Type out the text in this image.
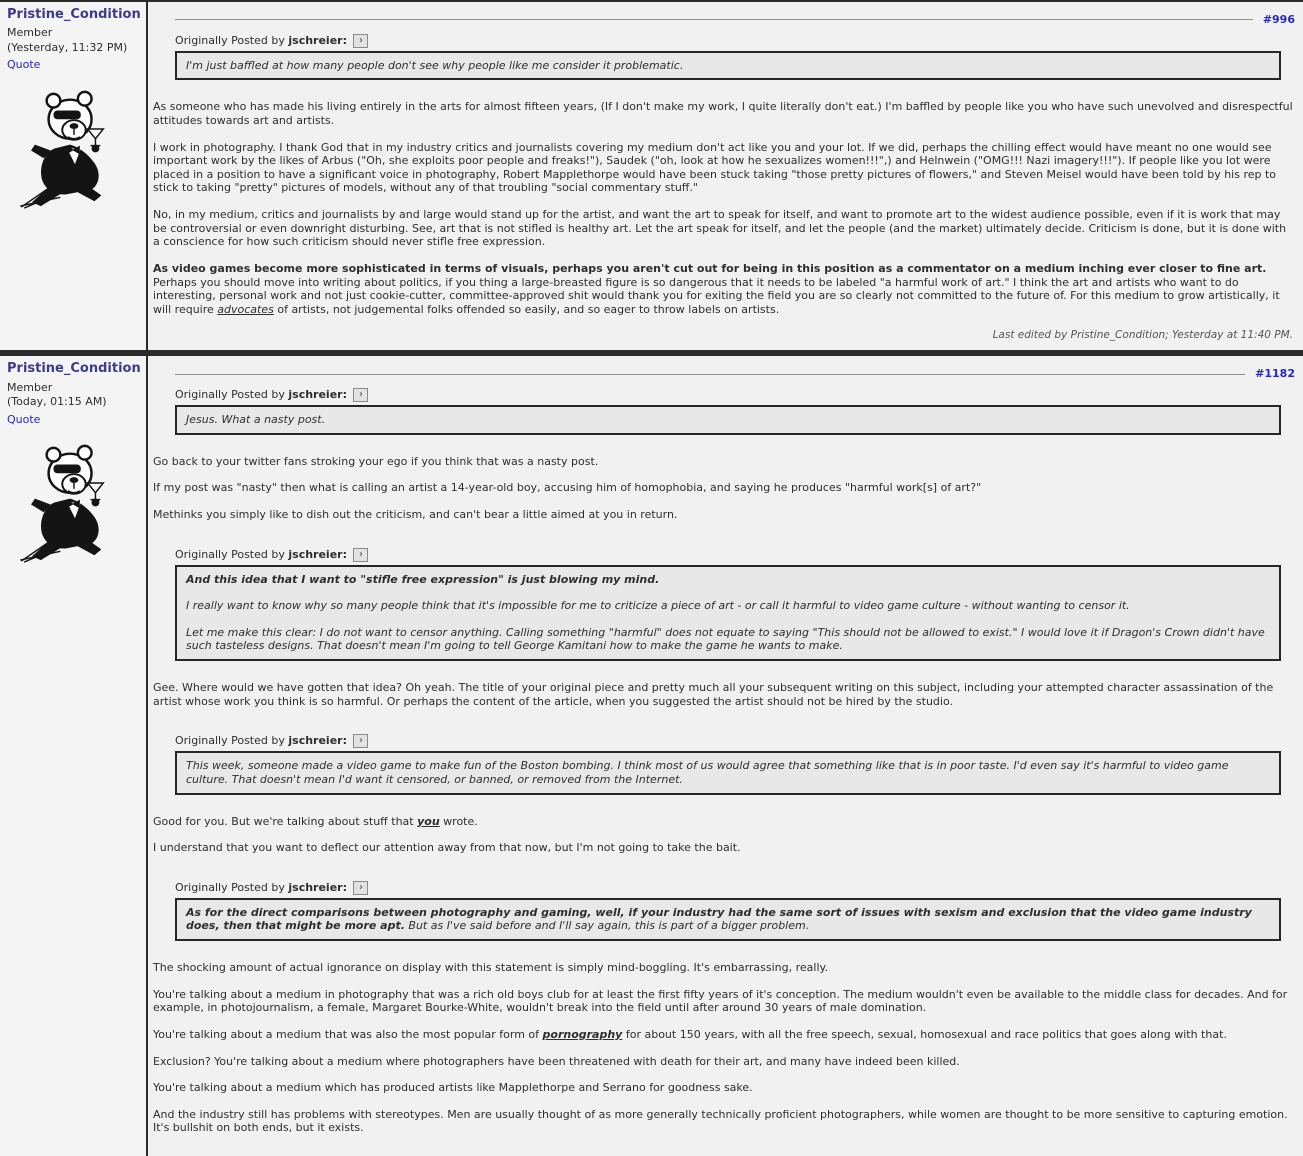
Pristine_Condition
Member
(Yesterday, 11:32 PM)
Quote
#996
Originally Posted by jschreier: ›

I'm just baffled at how many people don't see why people like me consider it problematic.

As someone who has made his living entirely in the arts for almost fifteen years, (If I don't make my work, I quite literally don't eat.) I'm baffled by people like you who have such unevolved and disrespectful attitudes towards art and artists.

I work in photography. I thank God that in my industry critics and journalists covering my medium don't act like you and your lot. If we did, perhaps the chilling effect would have meant no one would see important work by the likes of Arbus ("Oh, she exploits poor people and freaks!"), Saudek ("oh, look at how he sexualizes women!!!",) and Helnwein ("OMG!!! Nazi imagery!!!"). If people like you lot were placed in a position to have a significant voice in photography, Robert Mapplethorpe would have been stuck taking "those pretty pictures of flowers," and Steven Meisel would have been told by his rep to stick to taking "pretty" pictures of models, without any of that troubling "social commentary stuff."

No, in my medium, critics and journalists by and large would stand up for the artist, and want the art to speak for itself, and want to promote art to the widest audience possible, even if it is work that may be controversial or even downright disturbing. See, art that is not stifled is healthy art. Let the art speak for itself, and let the people (and the market) ultimately decide. Criticism is done, but it is done with a conscience for how such criticism should never stifle free expression.

As video games become more sophisticated in terms of visuals, perhaps you aren't cut out for being in this position as a commentator on a medium inching ever closer to fine art. Perhaps you should move into writing about politics, if you thing a large-breasted figure is so dangerous that it needs to be labeled "a harmful work of art." I think the art and artists who want to do interesting, personal work and not just cookie-cutter, committee-approved shit would thank you for exiting the field you are so clearly not committed to the future of. For this medium to grow artistically, it will require advocates of artists, not judgemental folks offended so easily, and so eager to throw labels on artists.

Last edited by Pristine_Condition; Yesterday at 11:40 PM.
Pristine_Condition
Member
(Today, 01:15 AM)
Quote
#1182
Originally Posted by jschreier: ›

Jesus. What a nasty post.

Go back to your twitter fans stroking your ego if you think that was a nasty post.

If my post was "nasty" then what is calling an artist a 14-year-old boy, accusing him of homophobia, and saying he produces "harmful work[s] of art?"

Methinks you simply like to dish out the criticism, and can't bear a little aimed at you in return.

Originally Posted by jschreier: ›

And this idea that I want to "stifle free expression" is just blowing my mind.

I really want to know why so many people think that it's impossible for me to criticize a piece of art - or call it harmful to video game culture - without wanting to censor it.

Let me make this clear: I do not want to censor anything. Calling something "harmful" does not equate to saying "This should not be allowed to exist." I would love it if Dragon's Crown didn't have such tasteless designs. That doesn't mean I'm going to tell George Kamitani how to make the game he wants to make.

Gee. Where would we have gotten that idea? Oh yeah. The title of your original piece and pretty much all your subsequent writing on this subject, including your attempted character assassination of the artist whose work you think is so harmful. Or perhaps the content of the article, when you suggested the artist should not be hired by the studio.

Originally Posted by jschreier: ›

This week, someone made a video game to make fun of the Boston bombing. I think most of us would agree that something like that is in poor taste. I'd even say it's harmful to video game culture. That doesn't mean I'd want it censored, or banned, or removed from the Internet.

Good for you. But we're talking about stuff that you wrote.

I understand that you want to deflect our attention away from that now, but I'm not going to take the bait.

Originally Posted by jschreier: ›

As for the direct comparisons between photography and gaming, well, if your industry had the same sort of issues with sexism and exclusion that the video game industry does, then that might be more apt. But as I've said before and I'll say again, this is part of a bigger problem.

The shocking amount of actual ignorance on display with this statement is simply mind-boggling. It's embarrassing, really.

You're talking about a medium in photography that was a rich old boys club for at least the first fifty years of it's conception. The medium wouldn't even be available to the middle class for decades. And for example, in photojournalism, a female, Margaret Bourke-White, wouldn't break into the field until after around 30 years of male domination.

You're talking about a medium that was also the most popular form of pornography for about 150 years, with all the free speech, sexual, homosexual and race politics that goes along with that.

Exclusion? You're talking about a medium where photographers have been threatened with death for their art, and many have indeed been killed.

You're talking about a medium which has produced artists like Mapplethorpe and Serrano for goodness sake.

And the industry still has problems with stereotypes. Men are usually thought of as more generally technically proficient photographers, while women are thought to be more sensitive to capturing emotion. It's bullshit on both ends, but it exists.
